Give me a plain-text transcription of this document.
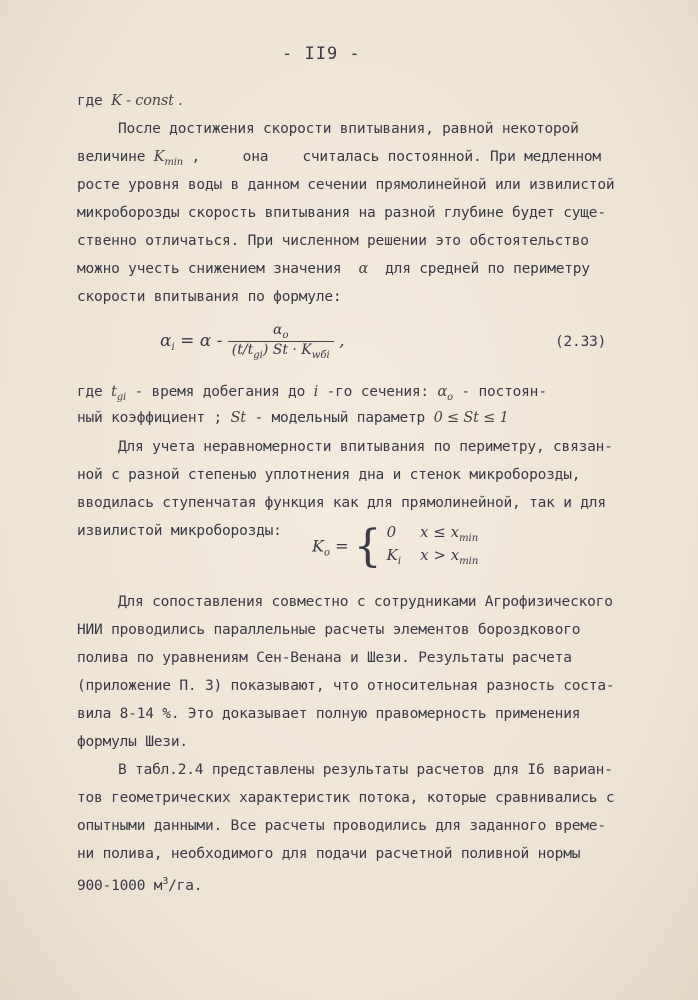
- II9 -
где K - const .
После достижения скорости впитывания, равной некоторой
величине $K_{min}$ ,     она    считалась постоянной. При медленном
росте уровня воды в данном сечении прямолинейной или извилистой
микроборозды скорость впитывания на разной глубине будет суще-
ственно отличаться. При численном решении это обстоятельство
можно учесть снижением значения α для средней по периметру
скорости впитывания по формуле:
$\alpha_i = \alpha - \frac{\alpha_o}{(t/t_{gi}) St \cdot K_{wбi}}$ ,	(2.33)
где $t_{gi}$ - время добегания до i -го сечения: $\alpha_o$ - постоян-
ный коэффициент ; St - модельный параметр 0 ≤ St ≤ 1
Для учета неравномерности впитывания по периметру, связан-
ной с разной степенью уплотнения дна и стенок микроборозды,
вводилась ступенчатая функция как для прямолинейной, так и для
извилистой микроборозды:
$K_o$ = { 0 $x \le x_{min}$
$K_i$ $x > x_{min}$
Для сопоставления совместно с сотрудниками Агрофизического
НИИ проводились параллельные расчеты элементов бороздкового
полива по уравнениям Сен-Венана и Шези. Результаты расчета
(приложение П. 3) показывают, что относительная разность соста-
вила 8-14 %. Это доказывает полную правомерность применения
формулы Шези.
В табл.2.4 представлены результаты расчетов для I6 вариан-
тов геометрических характеристик потока, которые сравнивались с
опытными данными. Все расчеты проводились для заданного време-
ни полива, необходимого для подачи расчетной поливной нормы
900-1000 $м^3/га$.
